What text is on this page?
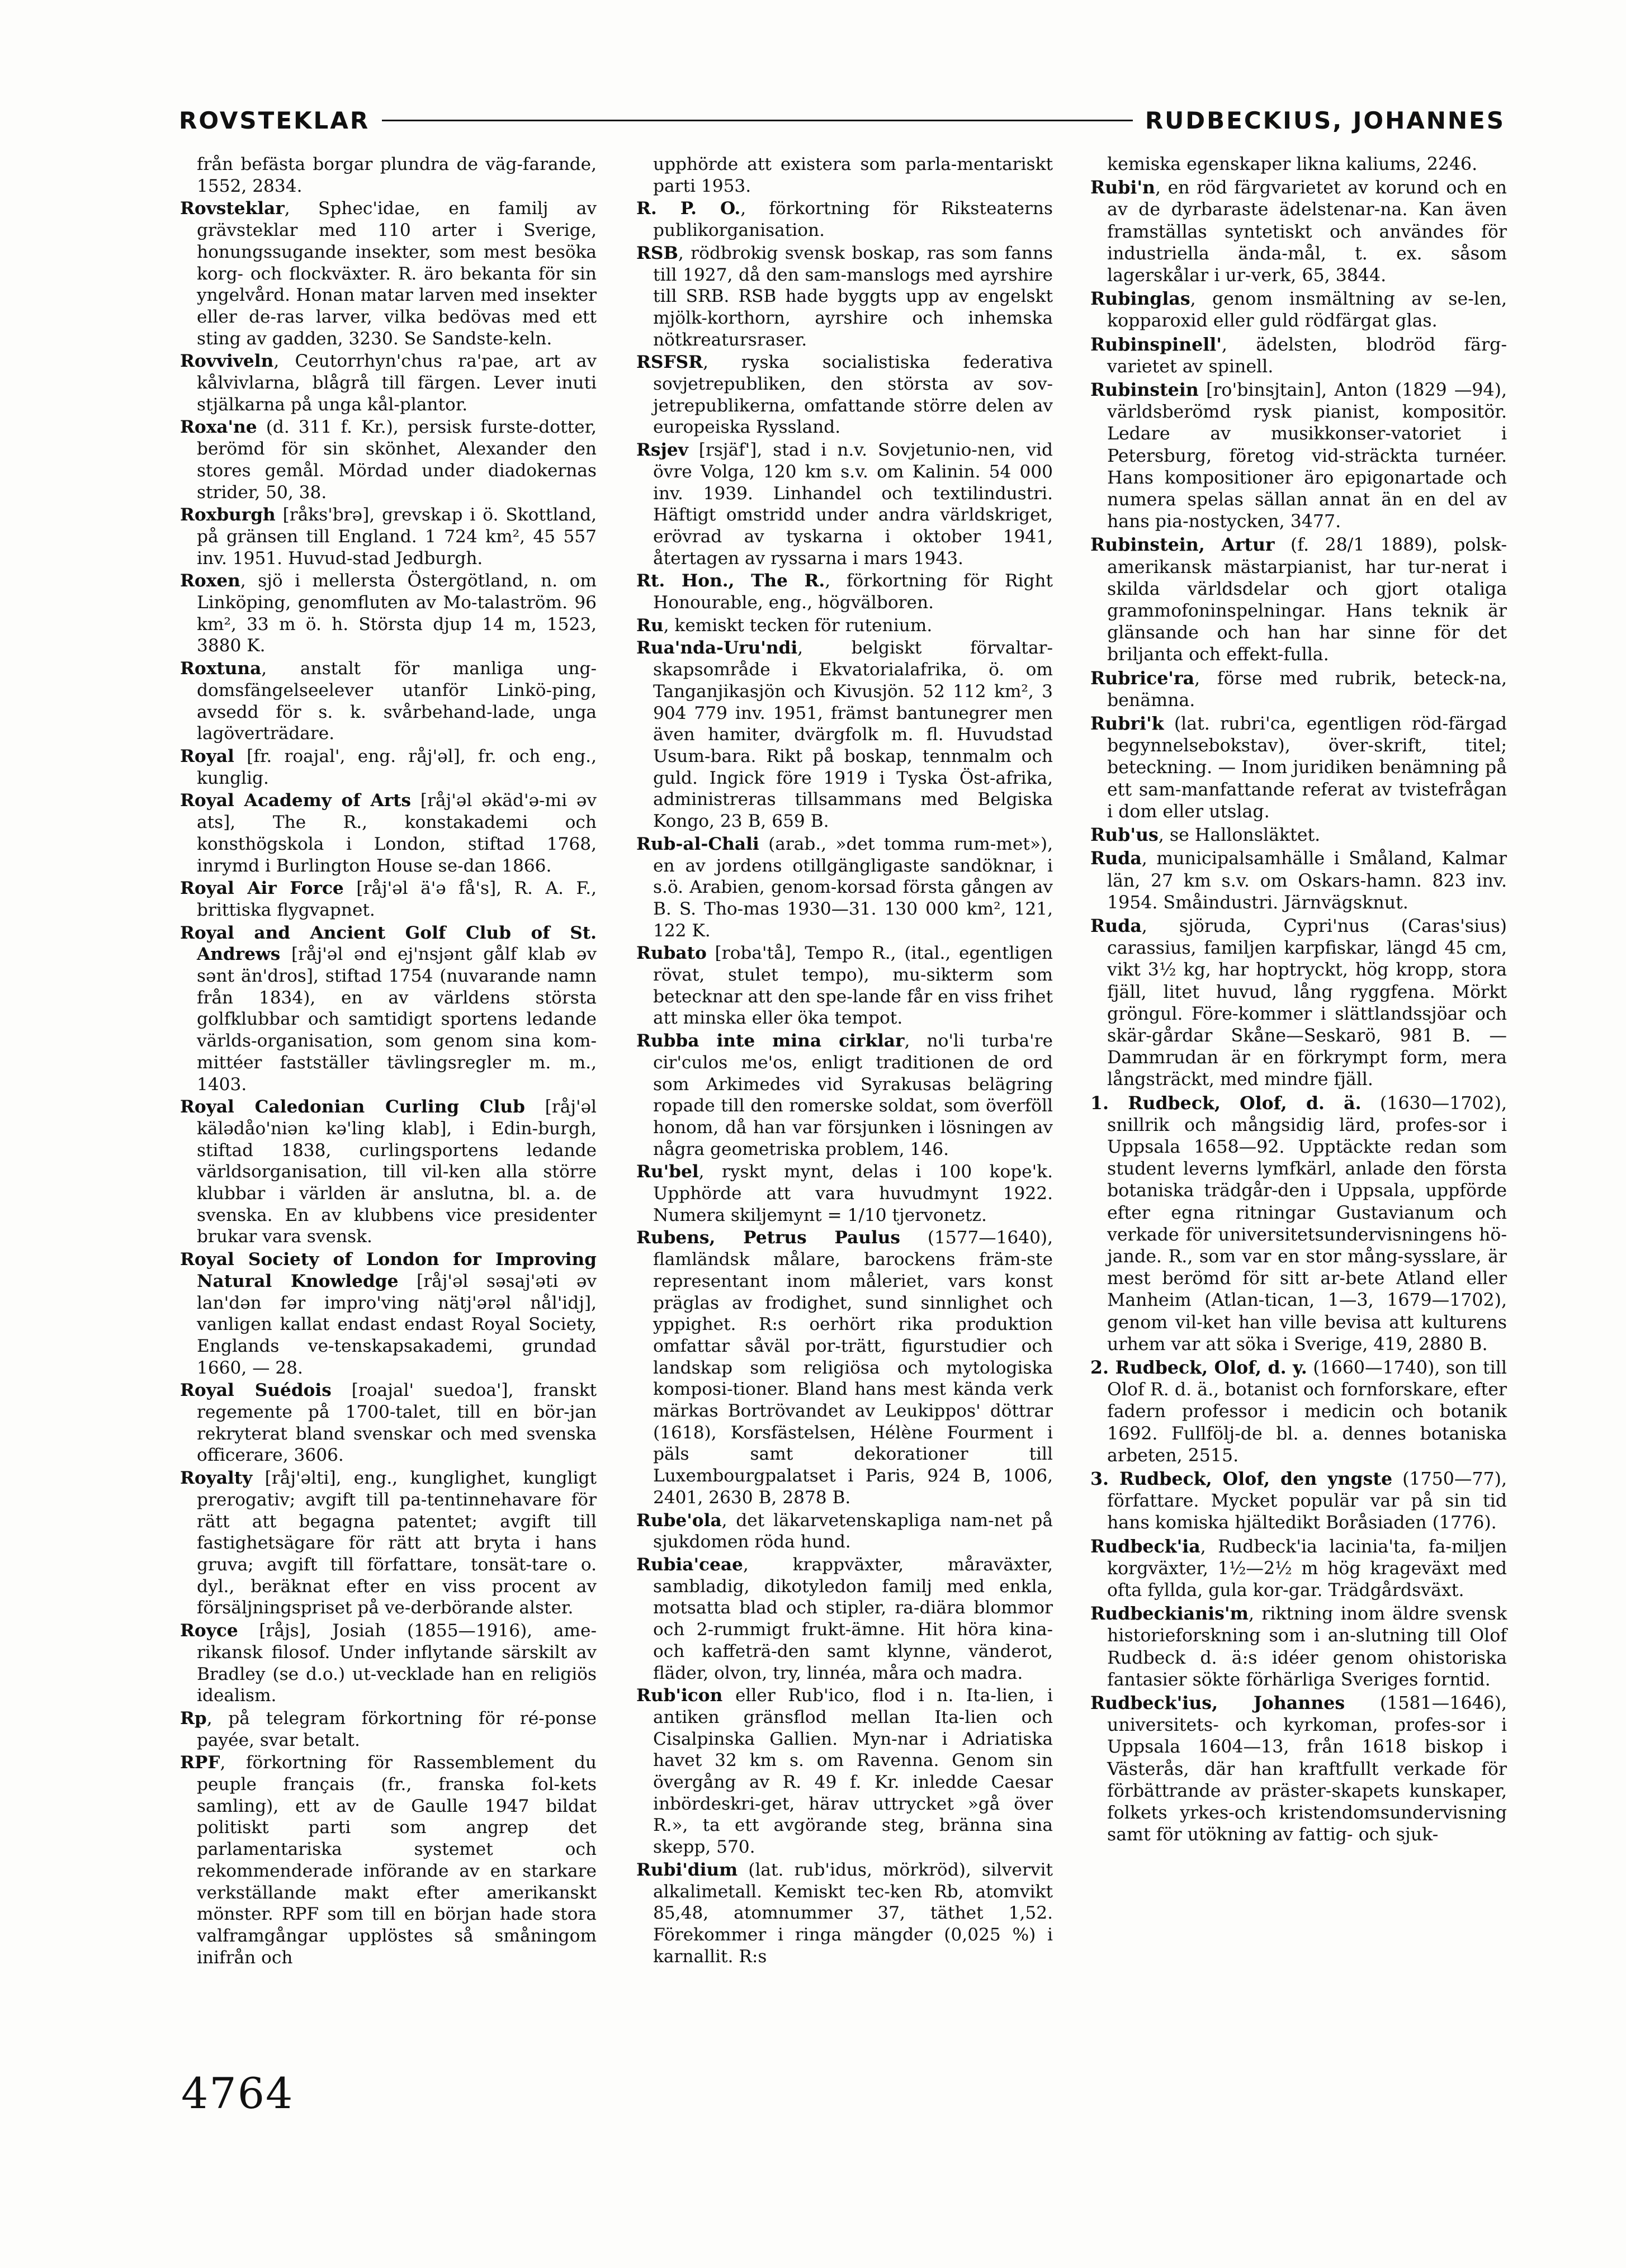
ROVSTEKLAR	RUDBECKIUS, JOHANNES
från befästa borgar plundra de väg-farande, 1552, 2834.
Rovsteklar, Sphec'idae, en familj av grävsteklar med 110 arter i Sverige, honungssugande insekter, som mest besöka korg- och flockväxter. R. äro bekanta för sin yngelvård. Honan matar larven med insekter eller de-ras larver, vilka bedövas med ett sting av gadden, 3230. Se Sandste-keln.
Rovviveln, Ceutorrhyn'chus ra'pae, art av kålvivlarna, blågrå till färgen. Lever inuti stjälkarna på unga kål-plantor.
Roxa'ne (d. 311 f. Kr.), persisk furste-dotter, berömd för sin skönhet, Alexander den stores gemål. Mördad under diadokernas strider, 50, 38.
Roxburgh [råks'brə], grevskap i ö. Skottland, på gränsen till England. 1 724 km², 45 557 inv. 1951. Huvud-stad Jedburgh.
Roxen, sjö i mellersta Östergötland, n. om Linköping, genomfluten av Mo-talaström. 96 km², 33 m ö. h. Största djup 14 m, 1523, 3880 K.
Roxtuna, anstalt för manliga ung-domsfängelseelever utanför Linkö-ping, avsedd för s. k. svårbehand-lade, unga lagöverträdare.
Royal [fr. roajal', eng. råj'əl], fr. och eng., kunglig.
Royal Academy of Arts [råj'əl əkäd'ə-mi əv ats], The R., konstakademi och konsthögskola i London, stiftad 1768, inrymd i Burlington House se-dan 1866.
Royal Air Force [råj'əl ä'ə få's], R. A. F., brittiska flygvapnet.
Royal and Ancient Golf Club of St. Andrews [råj'əl ənd ej'nsjənt gålf klab əv sənt än'dros], stiftad 1754 (nuvarande namn från 1834), en av världens största golfklubbar och samtidigt sportens ledande världs-organisation, som genom sina kom-mittéer fastställer tävlingsregler m. m., 1403.
Royal Caledonian Curling Club [råj'əl kälədåo'niən kə'ling klab], i Edin-burgh, stiftad 1838, curlingsportens ledande världsorganisation, till vil-ken alla större klubbar i världen är anslutna, bl. a. de svenska. En av klubbens vice presidenter brukar vara svensk.
Royal Society of London for Improving Natural Knowledge [råj'əl səsaj'əti əv lan'dən fər impro'ving nätj'ərəl nål'idj], vanligen kallat endast endast Royal Society, Englands ve-tenskapsakademi, grundad 1660, — 28.
Royal Suédois [roajal' suedoa'], franskt regemente på 1700-talet, till en bör-jan rekryterat bland svenskar och med svenska officerare, 3606.
Royalty [råj'əlti], eng., kunglighet, kungligt prerogativ; avgift till pa-tentinnehavare för rätt att begagna patentet; avgift till fastighetsägare för rätt att bryta i hans gruva; avgift till författare, tonsät-tare o. dyl., beräknat efter en viss procent av försäljningspriset på ve-derbörande alster.
Royce [råjs], Josiah (1855—1916), ame-rikansk filosof. Under inflytande särskilt av Bradley (se d.o.) ut-vecklade han en religiös idealism.
Rp, på telegram förkortning för ré-ponse payée, svar betalt.
RPF, förkortning för Rassemblement du peuple français (fr., franska fol-kets samling), ett av de Gaulle 1947 bildat politiskt parti som angrep det parlamentariska systemet och rekommenderade införande av en starkare verkställande makt efter amerikanskt mönster. RPF som till en början hade stora valframgångar upplöstes så småningom inifrån och
upphörde att existera som parla-mentariskt parti 1953.
R. P. O., förkortning för Riksteaterns publikorganisation.
RSB, rödbrokig svensk boskap, ras som fanns till 1927, då den sam-manslogs med ayrshire till SRB. RSB hade byggts upp av engelskt mjölk-korthorn, ayrshire och inhemska nötkreatursraser.
RSFSR, ryska socialistiska federativa sovjetrepubliken, den största av sov-jetrepublikerna, omfattande större delen av europeiska Ryssland.
Rsjev [rsjäf'], stad i n.v. Sovjetunio-nen, vid övre Volga, 120 km s.v. om Kalinin. 54 000 inv. 1939. Linhandel och textilindustri. Häftigt omstridd under andra världskriget, erövrad av tyskarna i oktober 1941, återtagen av ryssarna i mars 1943.
Rt. Hon., The R., förkortning för Right Honourable, eng., högvälboren.
Ru, kemiskt tecken för rutenium.
Rua'nda-Uru'ndi, belgiskt förvaltar-skapsområde i Ekvatorialafrika, ö. om Tanganjikasjön och Kivusjön. 52 112 km², 3 904 779 inv. 1951, främst bantunegrer men även hamiter, dvärgfolk m. fl. Huvudstad Usum-bara. Rikt på boskap, tennmalm och guld. Ingick före 1919 i Tyska Öst-afrika, administreras tillsammans med Belgiska Kongo, 23 B, 659 B.
Rub-al-Chali (arab., »det tomma rum-met»), en av jordens otillgängligaste sandöknar, i s.ö. Arabien, genom-korsad första gången av B. S. Tho-mas 1930—31. 130 000 km², 121, 122 K.
Rubato [roba'tå], Tempo R., (ital., egentligen rövat, stulet tempo), mu-sikterm som betecknar att den spe-lande får en viss frihet att minska eller öka tempot.
Rubba inte mina cirklar, no'li turba're cir'culos me'os, enligt traditionen de ord som Arkimedes vid Syrakusas belägring ropade till den romerske soldat, som överföll honom, då han var försjunken i lösningen av några geometriska problem, 146.
Ru'bel, ryskt mynt, delas i 100 kope'k. Upphörde att vara huvudmynt 1922. Numera skiljemynt = 1/10 tjervonetz.
Rubens, Petrus Paulus (1577—1640), flamländsk målare, barockens främ-ste representant inom måleriet, vars konst präglas av frodighet, sund sinnlighet och yppighet. R:s oerhört rika produktion omfattar såväl por-trätt, figurstudier och landskap som religiösa och mytologiska komposi-tioner. Bland hans mest kända verk märkas Bortrövandet av Leukippos' döttrar (1618), Korsfästelsen, Hélène Fourment i päls samt dekorationer till Luxembourgpalatset i Paris, 924 B, 1006, 2401, 2630 B, 2878 B.
Rube'ola, det läkarvetenskapliga nam-net på sjukdomen röda hund.
Rubia'ceae, krappväxter, måraväxter, sambladig, dikotyledon familj med enkla, motsatta blad och stipler, ra-diära blommor och 2-rummigt frukt-ämne. Hit höra kina- och kaffeträ-den samt klynne, vänderot, fläder, olvon, try, linnéa, måra och madra.
Rub'icon eller Rub'ico, flod i n. Ita-lien, i antiken gränsflod mellan Ita-lien och Cisalpinska Gallien. Myn-nar i Adriatiska havet 32 km s. om Ravenna. Genom sin övergång av R. 49 f. Kr. inledde Caesar inbördeskri-get, härav uttrycket »gå över R.», ta ett avgörande steg, bränna sina skepp, 570.
Rubi'dium (lat. rub'idus, mörkröd), silvervit alkalimetall. Kemiskt tec-ken Rb, atomvikt 85,48, atomnummer 37, täthet 1,52. Förekommer i ringa mängder (0,025 %) i karnallit. R:s
kemiska egenskaper likna kaliums, 2246.
Rubi'n, en röd färgvarietet av korund och en av de dyrbaraste ädelstenar-na. Kan även framställas syntetiskt och användes för industriella ända-mål, t. ex. såsom lagerskålar i ur-verk, 65, 3844.
Rubinglas, genom insmältning av se-len, kopparoxid eller guld rödfärgat glas.
Rubinspinell', ädelsten, blodröd färg-varietet av spinell.
Rubinstein [ro'binsjtain], Anton (1829 —94), världsberömd rysk pianist, kompositör. Ledare av musikkonser-vatoriet i Petersburg, företog vid-sträckta turnéer. Hans kompositioner äro epigonartade och numera spelas sällan annat än en del av hans pia-nostycken, 3477.
Rubinstein, Artur (f. 28/1 1889), polsk-amerikansk mästarpianist, har tur-nerat i skilda världsdelar och gjort otaliga grammofoninspelningar. Hans teknik är glänsande och han har sinne för det briljanta och effekt-fulla.
Rubrice'ra, förse med rubrik, beteck-na, benämna.
Rubri'k (lat. rubri'ca, egentligen röd-färgad begynnelsebokstav), över-skrift, titel; beteckning. — Inom juridiken benämning på ett sam-manfattande referat av tvistefrågan i dom eller utslag.
Rub'us, se Hallonsläktet.
Ruda, municipalsamhälle i Småland, Kalmar län, 27 km s.v. om Oskars-hamn. 823 inv. 1954. Småindustri. Järnvägsknut.
Ruda, sjöruda, Cypri'nus (Caras'sius) carassius, familjen karpfiskar, längd 45 cm, vikt 3½ kg, har hoptryckt, hög kropp, stora fjäll, litet huvud, lång ryggfena. Mörkt gröngul. Före-kommer i slättlandssjöar och skär-gårdar Skåne—Seskarö, 981 B. — Dammrudan är en förkrympt form, mera långsträckt, med mindre fjäll.
1. Rudbeck, Olof, d. ä. (1630—1702), snillrik och mångsidig lärd, profes-sor i Uppsala 1658—92. Upptäckte redan som student leverns lymfkärl, anlade den första botaniska trädgår-den i Uppsala, uppförde efter egna ritningar Gustavianum och verkade för universitetsundervisningens hö-jande. R., som var en stor mång-sysslare, är mest berömd för sitt ar-bete Atland eller Manheim (Atlan-tican, 1—3, 1679—1702), genom vil-ket han ville bevisa att kulturens urhem var att söka i Sverige, 419, 2880 B.
2. Rudbeck, Olof, d. y. (1660—1740), son till Olof R. d. ä., botanist och fornforskare, efter fadern professor i medicin och botanik 1692. Fullfölj-de bl. a. dennes botaniska arbeten, 2515.
3. Rudbeck, Olof, den yngste (1750—77), författare. Mycket populär var på sin tid hans komiska hjältedikt Boråsiaden (1776).
Rudbeck'ia, Rudbeck'ia lacinia'ta, fa-miljen korgväxter, 1½—2½ m hög krageväxt med ofta fyllda, gula kor-gar. Trädgårdsväxt.
Rudbeckianis'm, riktning inom äldre svensk historieforskning som i an-slutning till Olof Rudbeck d. ä:s idéer genom ohistoriska fantasier sökte förhärliga Sveriges forntid.
Rudbeck'ius, Johannes (1581—1646), universitets- och kyrkoman, profes-sor i Uppsala 1604—13, från 1618 biskop i Västerås, där han kraftfullt verkade för förbättrande av präster-skapets kunskaper, folkets yrkes-och kristendomsundervisning samt för utökning av fattig- och sjuk-
4764
